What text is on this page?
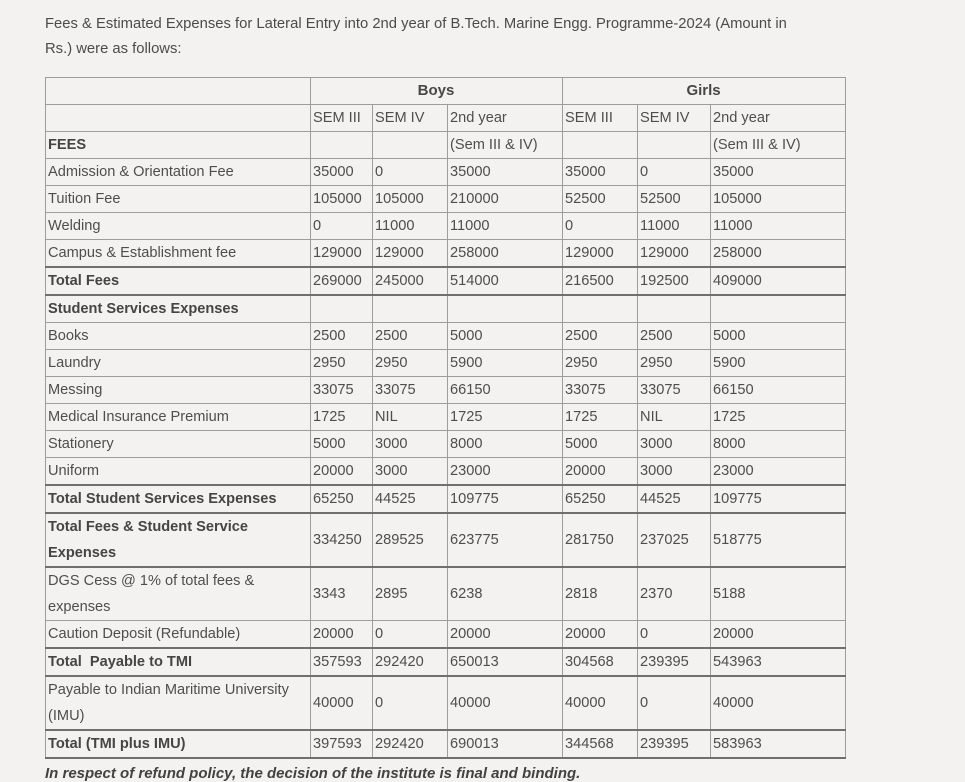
Fees & Estimated Expenses for Lateral Entry into 2nd year of B.Tech. Marine Engg. Programme-2024 (Amount in
Rs.) were as follows:

	Boys			Girls		
	SEM III	SEM IV	2nd year	SEM III	SEM IV	2nd year
FEES			(Sem III & IV)			(Sem III & IV)
Admission & Orientation Fee	35000	0	35000	35000	0	35000
Tuition Fee	105000	105000	210000	52500	52500	105000
Welding	0	11000	11000	0	11000	11000
Campus & Establishment fee	129000	129000	258000	129000	129000	258000
Total Fees	269000	245000	514000	216500	192500	409000
Student Services Expenses						
Books	2500	2500	5000	2500	2500	5000
Laundry	2950	2950	5900	2950	2950	5900
Messing	33075	33075	66150	33075	33075	66150
Medical Insurance Premium	1725	NIL	1725	1725	NIL	1725
Stationery	5000	3000	8000	5000	3000	8000
Uniform	20000	3000	23000	20000	3000	23000
Total Student Services Expenses	65250	44525	109775	65250	44525	109775
Total Fees & Student Service Expenses	334250	289525	623775	281750	237025	518775
DGS Cess @ 1% of total fees & expenses	3343	2895	6238	2818	2370	5188
Caution Deposit (Refundable)	20000	0	20000	20000	0	20000
Total  Payable to TMI	357593	292420	650013	304568	239395	543963
Payable to Indian Maritime University (IMU)	40000	0	40000	40000	0	40000
Total (TMI plus IMU)	397593	292420	690013	344568	239395	583963

In respect of refund policy, the decision of the institute is final and binding.
